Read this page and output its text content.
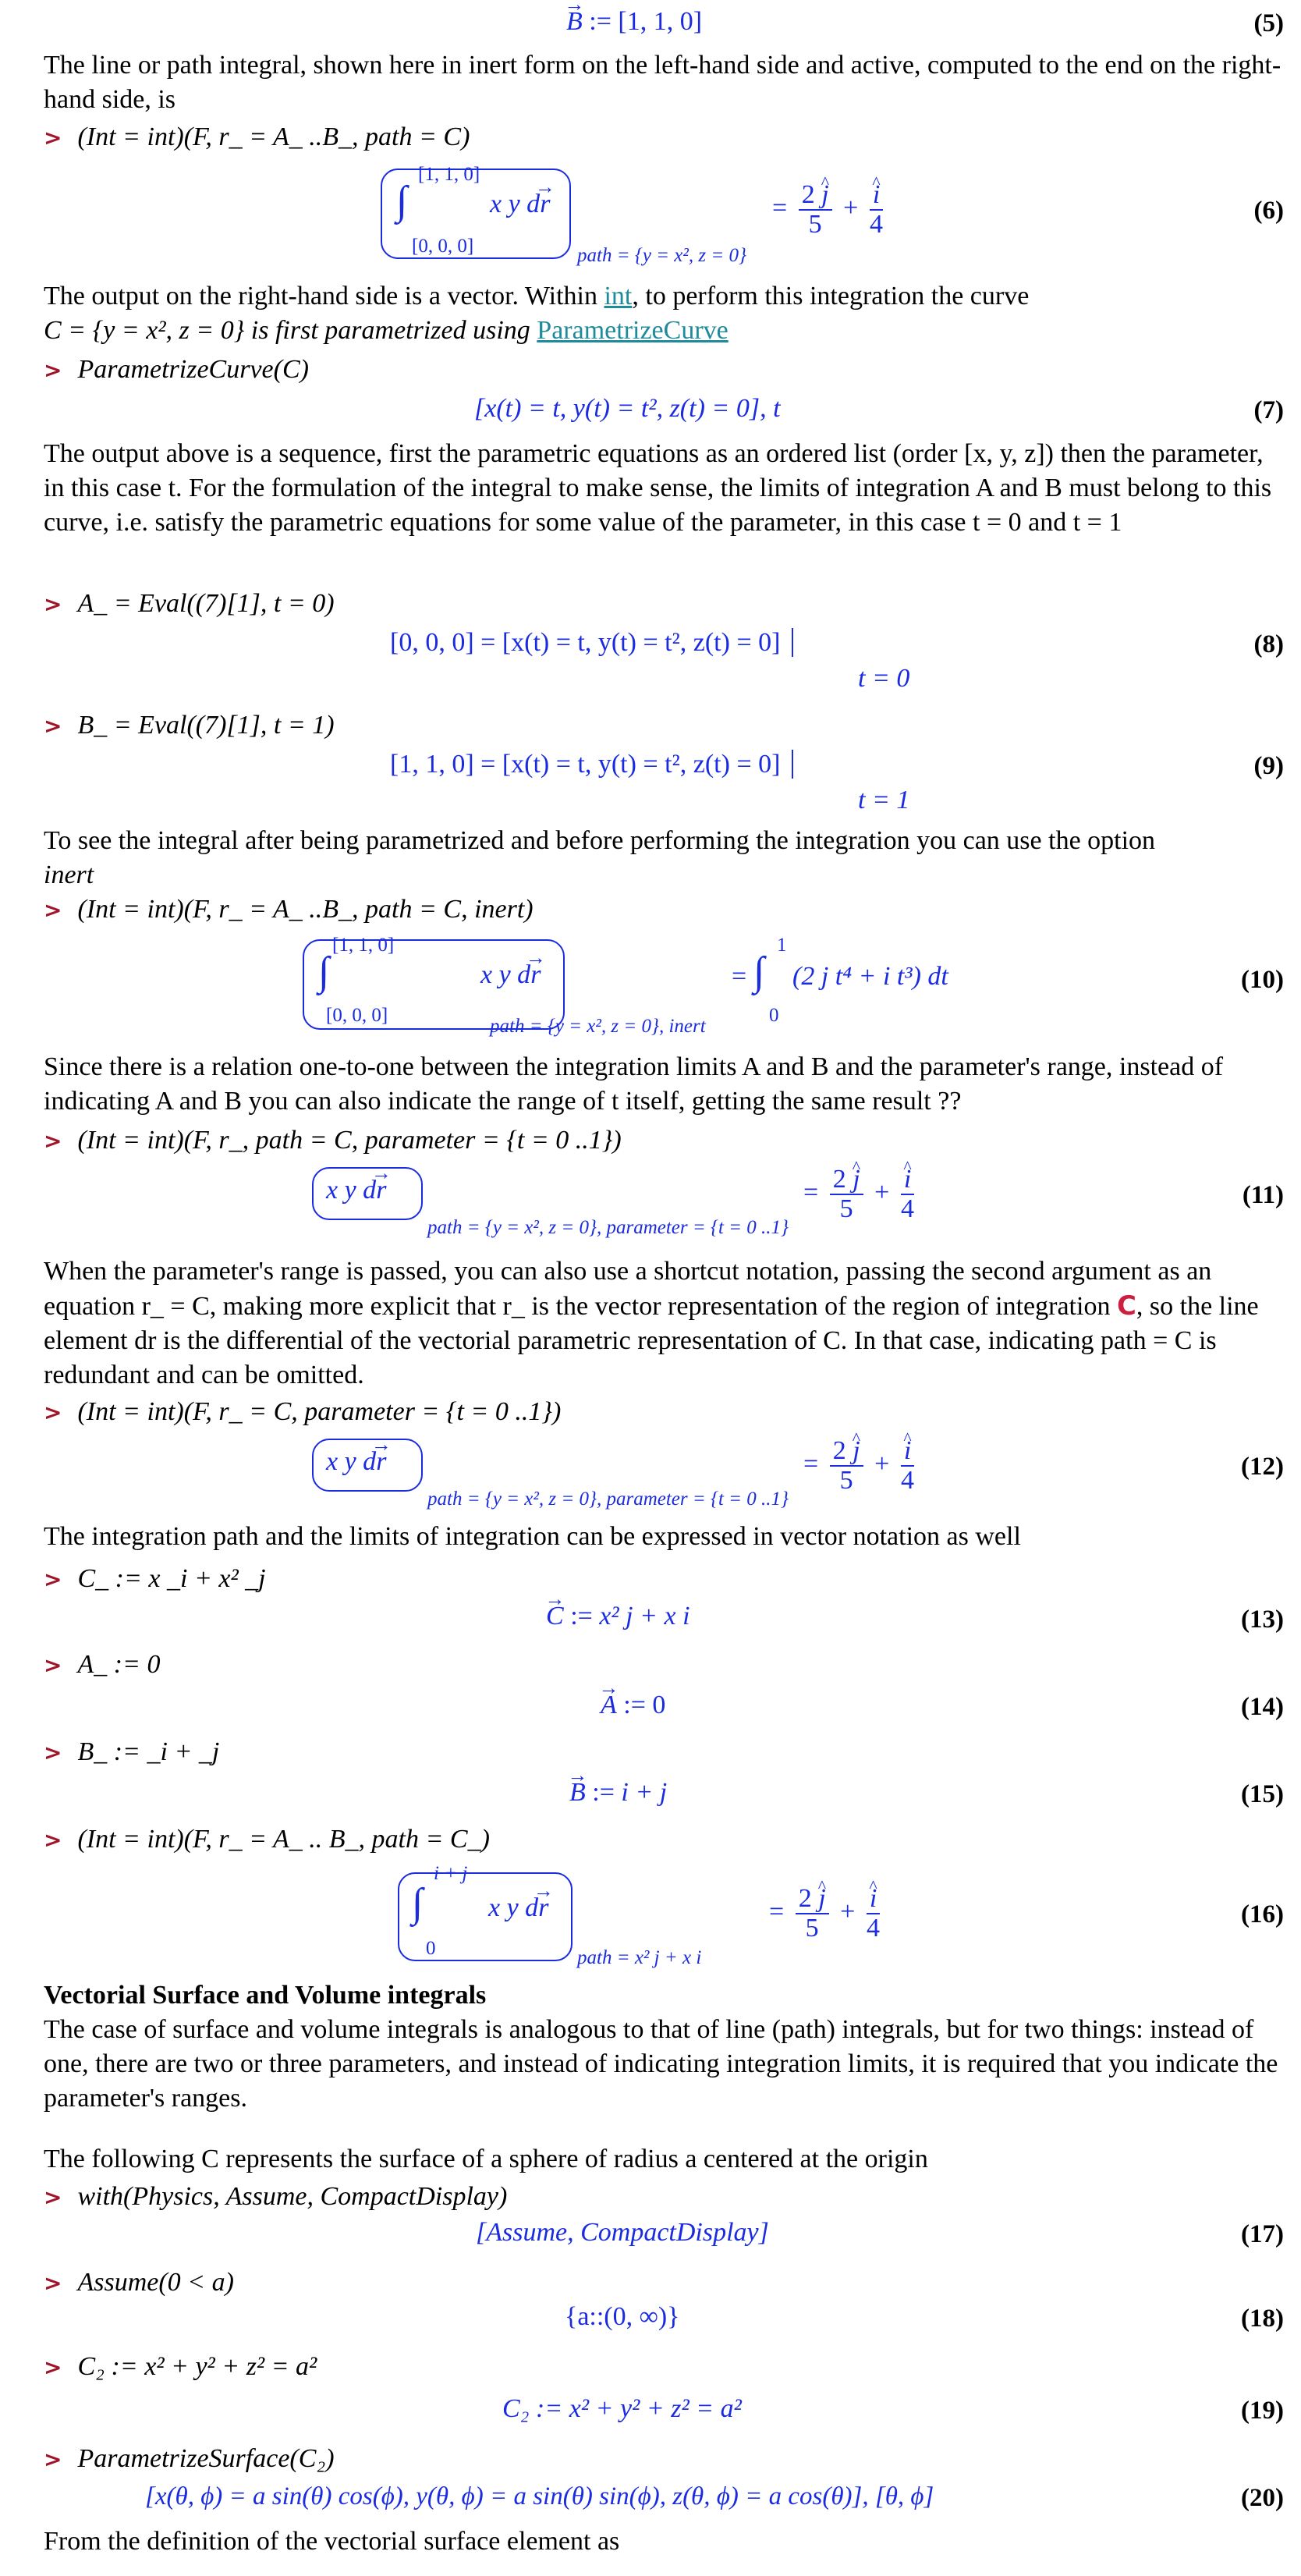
→ B := [1, 1, 0]	(5)
The line or path integral, shown here in inert form on the left-hand side and active, computed to the end on the right-hand side, is
> (Int = int)(F, r_ = A_ ..B_, path = C)
∫
[1, 1, 0]
[0, 0, 0]
x y d→ r
path = {y = x², z = 0}
= $\frac{2 \^{} j}{5}$ + ^ $\frac{i}{4}$	(6)
The output on the right-hand side is a vector. Within int, to perform this integration the curve
C = {y = x², z = 0} is first parametrized using ParametrizeCurve
> ParametrizeCurve(C)
[x(t) = t, y(t) = t², z(t) = 0], t	(7)
The output above is a sequence, first the parametric equations as an ordered list (order [x, y, z]) then the parameter, in this case t. For the formulation of the integral to make sense, the limits of integration A and B must belong to this curve, i.e. satisfy the parametric equations for some value of the parameter, in this case t = 0 and t = 1
> A_ = Eval((7)[1], t = 0)
[0, 0, 0] = [x(t) = t, y(t) = t², z(t) = 0]
t = 0
(8)
> B_ = Eval((7)[1], t = 1)
[1, 1, 0] = [x(t) = t, y(t) = t², z(t) = 0]
t = 1
(9)
To see the integral after being parametrized and before performing the integration you can use the option
inert
> (Int = int)(F, r_ = A_ ..B_, path = C, inert)
∫
[1, 1, 0]
[0, 0, 0]
x y d→ r
path = {y = x², z = 0}, inert
= ∫
1
0
(2 j t⁴ + i t³) dt	(10)
Since there is a relation one-to-one between the integration limits A and B and the parameter's range, instead of indicating A and B you can also indicate the range of t itself, getting the same result ??
> (Int = int)(F, r_, path = C, parameter = {t = 0 ..1})
x y d→ r
path = {y = x², z = 0}, parameter = {t = 0 ..1}
= $\frac{2 \^{} j}{5}$ + ^ $\frac{i}{4}$	(11)
When the parameter's range is passed, you can also use a shortcut notation, passing the second argument as an equation r_ = C, making more explicit that r_ is the vector representation of the region of integration C, so the line element dr is the differential of the vectorial parametric representation of C. In that case, indicating path = C is redundant and can be omitted.
> (Int = int)(F, r_ = C, parameter = {t = 0 ..1})
x y d→ r
path = {y = x², z = 0}, parameter = {t = 0 ..1}
= $\frac{2 \^{} j}{5}$ + ^ $\frac{i}{4}$	(12)
The integration path and the limits of integration can be expressed in vector notation as well
> C_ := x _i + x² _j
→ C := x² j + x i	(13)
> A_ := 0
→ A := 0	(14)
> B_ := _i + _j
→ B := i + j	(15)
> (Int = int)(F, r_ = A_ .. B_, path = C_)
∫
i + j
0
x y d→ r
path = x² j + x i
= $\frac{2 \^{} j}{5}$ + ^ $\frac{i}{4}$	(16)
Vectorial Surface and Volume integrals
The case of surface and volume integrals is analogous to that of line (path) integrals, but for two things: instead of one, there are two or three parameters, and instead of indicating integration limits, it is required that you indicate the parameter's ranges.
The following C represents the surface of a sphere of radius a centered at the origin
> with(Physics, Assume, CompactDisplay)
[Assume, CompactDisplay]	(17)
> Assume(0 < a)
{a::(0, ∞)}	(18)
> C₂ := x² + y² + z² = a²
C₂ := x² + y² + z² = a²	(19)
> ParametrizeSurface(C₂)
[x(θ, ϕ) = a sin(θ) cos(ϕ), y(θ, ϕ) = a sin(θ) sin(ϕ), z(θ, ϕ) = a cos(θ)], [θ, ϕ]	(20)
From the definition of the vectorial surface element as
